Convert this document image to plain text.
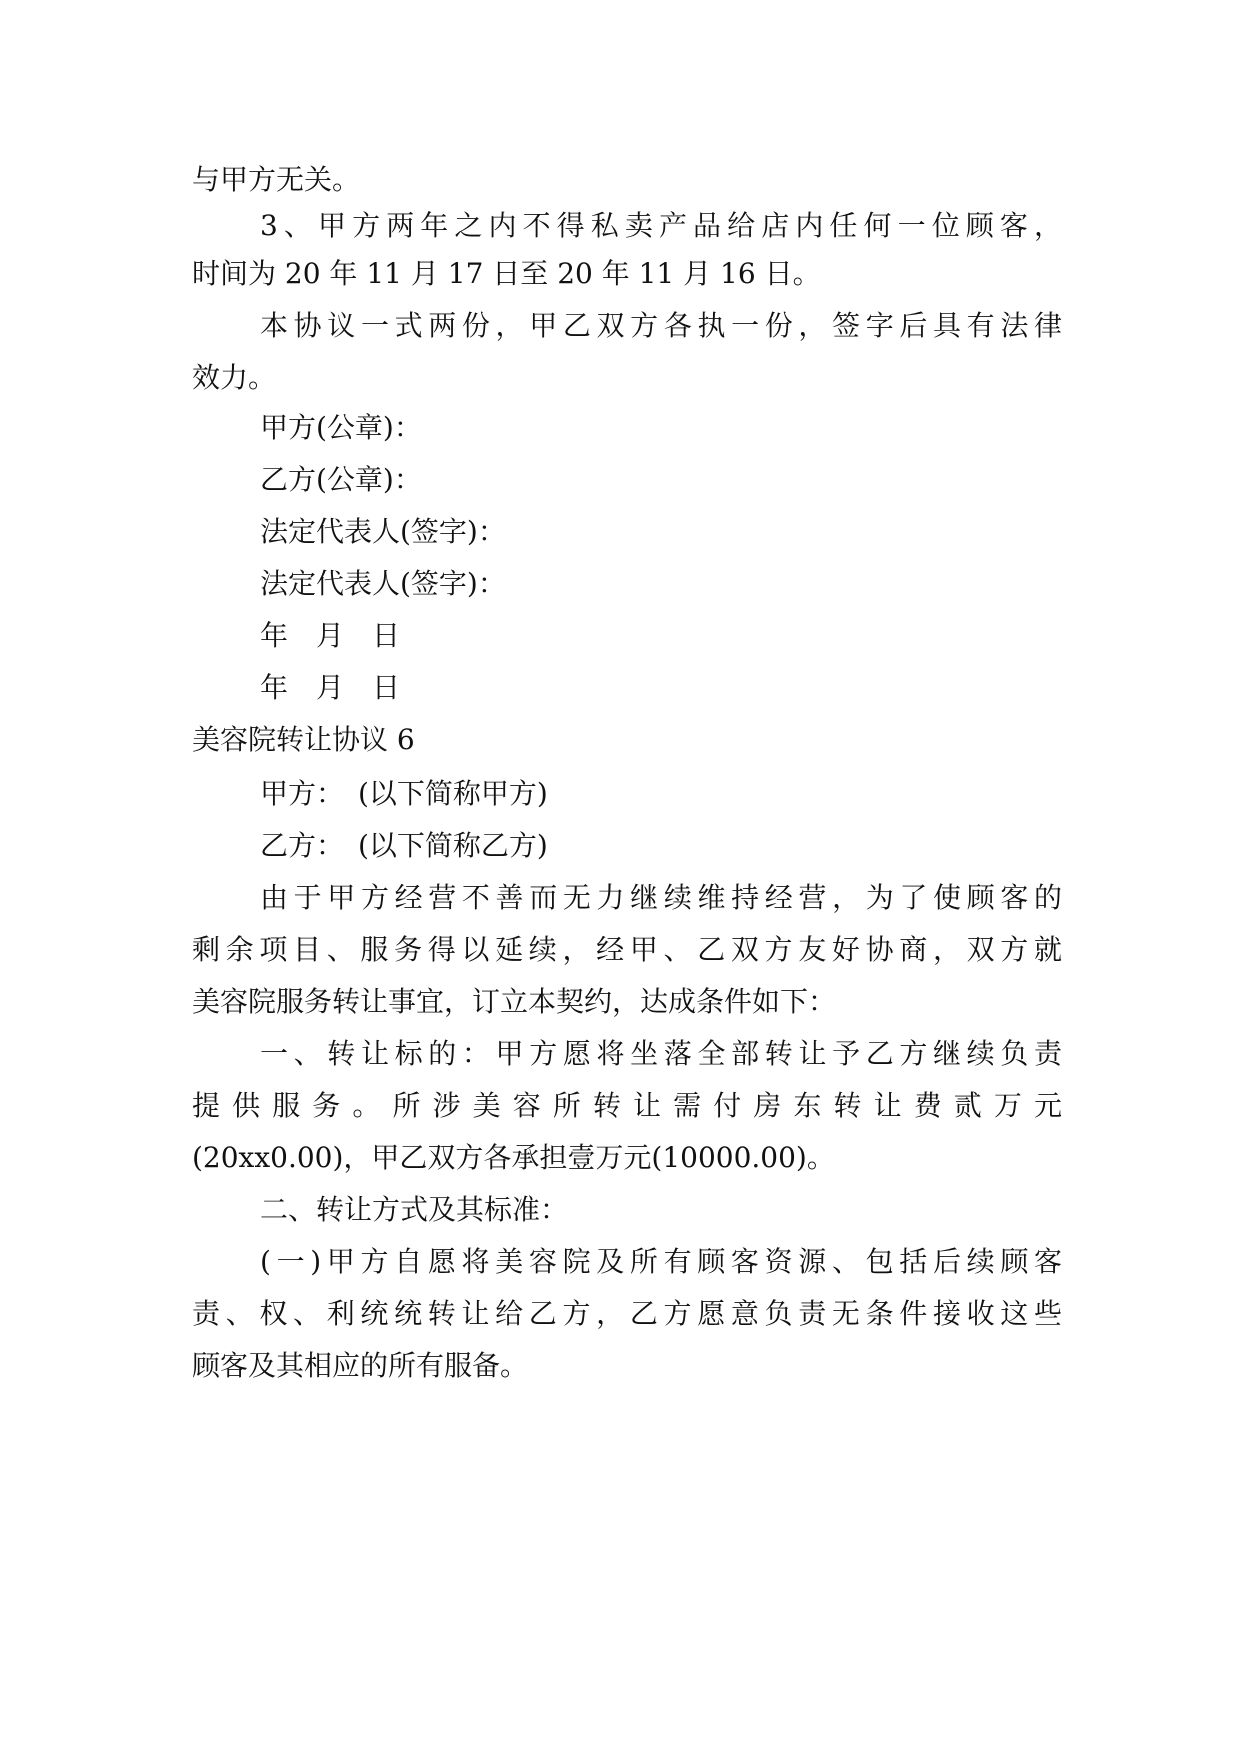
与甲方无关。
3、甲方两年之内不得私卖产品给店内任何一位顾客，
时间为 20 年 11 月 17 日至 20 年 11 月 16 日。
本协议一式两份，甲乙双方各执一份，签字后具有法律
效力。
甲方(公章)：
乙方(公章)：
法定代表人(签字)：
法定代表人(签字)：
年　月　日
年　月　日
美容院转让协议 6
甲方：　(以下简称甲方)
乙方：　(以下简称乙方)
由于甲方经营不善而无力继续维持经营，为了使顾客的
剩余项目、服务得以延续，经甲、乙双方友好协商，双方就
美容院服务转让事宜，订立本契约，达成条件如下：
一、转让标的：甲方愿将坐落全部转让予乙方继续负责
提供服务。所涉美容所转让需付房东转让费贰万元
(20xx0.00)，甲乙双方各承担壹万元(10000.00)。
二、转让方式及其标准：
(一)甲方自愿将美容院及所有顾客资源、包括后续顾客
责、权、利统统转让给乙方，乙方愿意负责无条件接收这些
顾客及其相应的所有服备。
